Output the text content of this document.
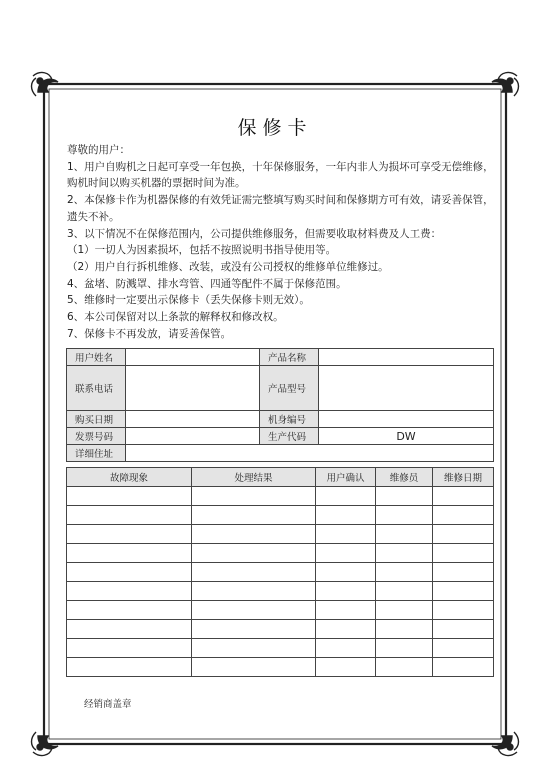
保修卡

尊敬的用户：

1、用户自购机之日起可享受一年包换，十年保修服务，一年内非人为损坏可享受无偿维修，购机时间以购买机器的票据时间为准。

2、本保修卡作为机器保修的有效凭证需完整填写购买时间和保修期方可有效，请妥善保管，遗失不补。

3、以下情况不在保修范围内，公司提供维修服务，但需要收取材料费及人工费：

（1）一切人为因素损坏，包括不按照说明书指导使用等。

（2）用户自行拆机维修、改装，或没有公司授权的维修单位维修过。

4、盆堵、防溅罩、排水弯管、四通等配件不属于保修范围。

5、维修时一定要出示保修卡（丢失保修卡则无效）。

6、本公司保留对以上条款的解释权和修改权。

7、保修卡不再发放，请妥善保管。

用户姓名		产品名称	
联系电话		产品型号	
购买日期		机身编号	
发票号码		生产代码	DW
详细住址			
故障现象	处理结果	用户确认	维修员	维修日期

经销商盖章
